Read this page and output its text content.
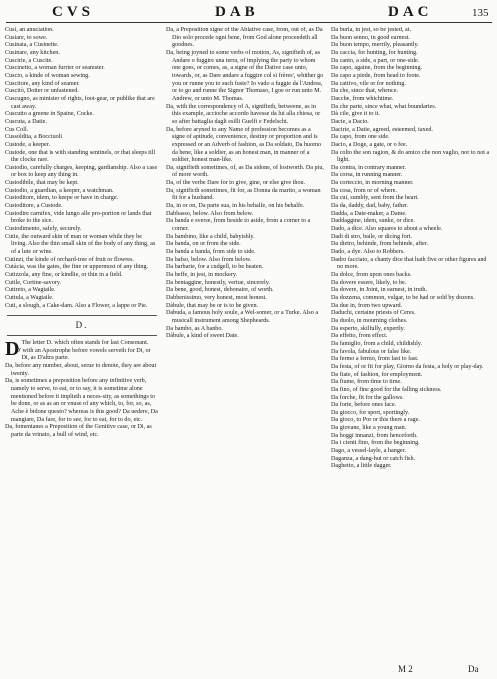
CVS	DAB	DAC	135

Cusi, an anuciation.

Cusiare, to sowe.

Cusinaia, a Cusinette.

Cusinare, any kitchen.

Cuscirie, a Cuscite.

Cuscinetto, a woman furrier or seamster.

Cuscio, a kinde of woman sewing.

Cuscitore, any kind of seamer.

Cuscitò, Dotter or unfastened.

Cuscugno, as minister of rights, foot-gear, or publike that are cast away.

Cuscutto a greene in Spaine, Cocke.

Cuscuta, a Datie.

Cus Coll.

Cussoldita, a Bocciuoli

Custode, a keeper.

Custode, one that is with standing sentinels, or that sleeps till the clocke rare.

Custodio, carefully charges, keeping, gardianship. Also a case or box to keep any thing in.

Custodibile, that may be kept.

Custodio, a guardian, a keeper, a watchman.

Custoditore, idem, to keepe or have in charge.

Custoditore, a Custode.

Custodire carnifex, vide lungo alle pro-portion or lands that broke to the sice.

Custodimento, safely, securely.

Cutie, the outward skin of man or woman while they be living. Also the thin small skin of the body of any thing, as of a lute or wine.

Cutinzi, the kinde of orchard-tree of fruit or flowres.

Cutàcia, was the gates, the fine or uppermost of any thing.

Cutizzola, any fine, or kindlie, or thin in a field.

Cutile, Cortine-savory.

Cuttreto, a Wagtaile.

Cuttula, a Wagtaile.

Cuti, a slough, a Cake-dam. Also a Flower, a lappe or Pie.

D.

D The letter D. which often stands for last Consonant.

D' with an Apostrophe before vowels serveth for Di, or Di, as D'altra parte.

Da, before any number, about, serue to denote, they are about twenty.

Da, is sometimes a preposition before any infinitive verb, namely to serve, to eat, or to say, it is sometime alone mentioned before it implieth a neces-sity, as somethings to be done, or as as an or vnuse of any which, to, for, so, as, Ache è bidone questo? whereas is this good? Da uedere, Da mangiare, Da fare, for to see, for to eat, for to do, etc.

Da, fomentanes a Preposition of the Genitive case, or Di, as parte da vrinato, a bull of wind, etc.

Da, a Preposition signe of the Ablative case, from, out of, as Da Dio solo procede ogni bene, from God alone proceedeth all goodnes.

Da, being joyned to some verbs of motion, As, signifieth of, as Andare o fuggire una terra, of implying the party to whom one goes, or comes, as, a signe of the Dative case unto, towards, or, as Dare andare a fuggire col si frères', whither go you or runne you to such fuste? Io vado a fuggie da l'Andrea, or to go and runne the Signor Thomaso, I goe or run unto M. Andrew, or unto M. Thomas.

Da, with the correspondency of A, signifieth, betweene, as in this example, accioche accordo havesse da lui alla chiesa, or so after battaglia dagli esilli Guelfi e Fedelschi.

Da, before aryned to any Name of profession becomes as a signe of aptitude, convenience, destiny or proportion and is expressed or an Adverb of fashion, as Da soldato, Da huomo da bene, like a soldier, as an honest man, in manner of a soldier, honest man-like.

Da, signifieth sometimes, of, as Da sidone, of lostworth. Da piu, of more worth.

Da, of the verbe Dare for to give, gine, or else give thou.

Da, significth sometimes, fit for, as Donna da marito, a woman fit for a husband.

Da, in or on, Da parte sua, in his behalfe, on his behalfe.

Dabbasso, below. Also from below.

Da banda e sverse, from beside to aside, from a corner to a corner.

Da bambino, like a child, babyishly.

Da banda, on or from the side.

Da banda a banda, from side to side.

Da bafso, below. Also from below.

Da barbarie, for a cudgell, to be beaten.

Da beffe, in jest, in mockery.

Da bentaggine, honestly, vertue, sincerely.

Da bene, good, honest, debonaire, of worth.

Dabbenissimo, very honest, most honest.

Dàbule, that may be or is to be given.

Dabuda, a famous holy soule, a Wel-somer, or a Turke. Also a musicall instrument among Shepheards.

Da bambo, as A banbo.

Dàbule, a kind of sweet Date.

Da burla, in jest, so be jested, at.

Da buon senno, in good earnest.

Da buon tempo, merrily, pleasantly.

Da caccia, for hunting, for hunting.

Da canto, a side, a part, or one-side.

Da capo, againe, from the beginning.

Da capo a piede, from head to foote.

Da cattivo, vile or for nothing.

Da che, since that, whence.

Dacche, from whichtime.

Da che parte, since what, what boundaries.

Dà cile, give it to it.

Dacie, a Dacio.

Dacirie, a Datie, agreed, esteemed, taxed.

Da capo, from one side.

Dacio, a Doge, a gate, or o fee.

Da colto the son ragion, & do amico che non vaglio, nor to not a light.

Da contra, in contrary manner.

Da corsa, in running manner.

Da corteccio, in morning manner.

Da cosa, from or of where.

Da cui, sumbly, sent from the heart.

Da da, daddy, dad, baby, father.

Dadda, a Date-maker, a Dame.

Daddaggine, idem, sunke, or dice.

Dado, a dice. Also squares to about a wheele.

Dadi di stro, baile, or dicing fort.

Da dietro, behinde, from behinde, after.

Dado, a dye. Also to Robbers.

Dadro facciato, a chanty dice that hath five or other figures and no more.

Da dolce, from upon ones backs.

Da dovere essere, likely, to be.

Da dovere, in Joint, in earnest, in truth.

Da dozzena, common, vulgar, to be had or sold by dozens.

Da due in, from two upward.

Daduchi, certaine priests of Ceres.

Da duolo, in mourning clothes.

Da esperto, skilfully, expertly.

Da effetto, from effect.

Da famiglio, from a child, childishly.

Da favola, fabulous or false like.

Da fermo a fermo, from fast to fast.

Da festa, of or fit for play, Giorno da festa, a holy or play-day.

Da fiate, of fashion, for employment.

Da fiume, from time to time.

Da fino, of fine good for the falling sickness.

Da forche, fit for the gallows.

Da forte, before ones face.

Da giocco, for sport, sportingly.

Da gioco, to Por or this there a rage.

Da giovane, like a young man.

Da hoggi innanzi, from henceforth.

Da i cienti fino, from the beginning.

Dago, a vessel-layle, a hanger.

Daganza, a dang-hut or catch fish.

Daghetto, a little dagger.

M 2	Da
